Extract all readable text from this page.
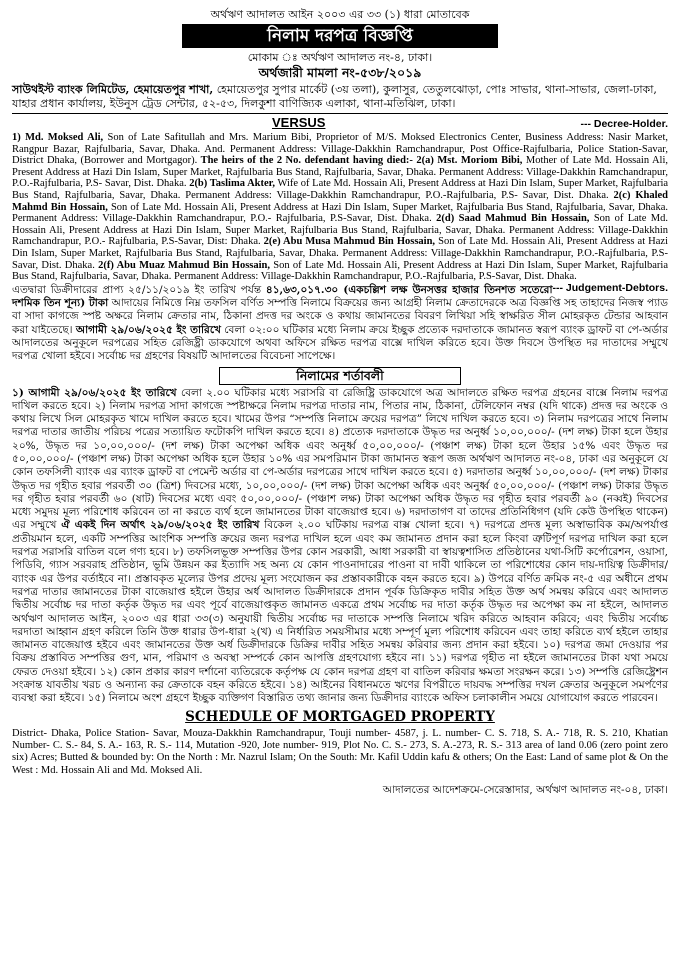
অর্থঋণ আদালত আইন ২০০৩ এর ৩৩ (১) ধারা মোতাবেক
নিলাম দরপত্র বিজ্ঞপ্তি
মোকাম ঃ অর্থঋণ আদালত নং-৪, ঢাকা।
অর্থজারী মামলা নং-৫৩৮/২০১৯
সাউথইস্ট ব্যাংক লিমিটেড, হেমায়েতপুর শাখা, হেমায়েতপুর সুপার মার্কেট (৩য় তলা), কুলাসুর, তেতুলঝোড়া, পোঃ সাভার, থানা-সাভার, জেলা-ঢাকা, যাহার প্রধান কার্যালয়, ইউনুস ট্রেড সেন্টার, ৫২-৫৩, দিলকুশা বাণিজ্যিক এলাকা, থানা-মতিঝিল, ঢাকা।
VERSUS	--- Decree-Holder.
1) Md. Moksed Ali, Son of Late Safitullah and Mrs. Marium Bibi, Proprietor of M/S. Moksed Electronics Center, Business Address: Nasir Market, Rangpur Bazar, Rajfulbaria, Savar, Dhaka. And. Permanent Address: Village-Dakkhin Ramchandrapur, Post Office-Rajfulbaria, Police Station-Savar, District Dhaka, (Borrower and Mortgagor). The heirs of the 2 No. defendant having died:- 2(a) Mst. Moriom Bibi, Mother of Late Md. Hossain Ali, Present Address at Hazi Din Islam, Super Market, Rajfulbaria Bus Stand, Rajfulbaria, Savar, Dhaka. Permanent Address: Village-Dakkhin Ramchandrapur, P.O.-Rajfulbaria, P.S- Savar, Dist. Dhaka. 2(b) Taslima Akter, Wife of Late Md. Hossain Ali, Present Address at Hazi Din Islam, Super Market, Rajfulbaria Bus Stand, Rajfulbaria, Savar, Dhaka. Permanent Address: Village-Dakkhin Ramchandrapur, P.O.-Rajfulbaria, P.S- Savar, Dist. Dhaka. 2(c) Khaled Mahmd Bin Hossain, Son of Late Md. Hossain Ali, Present Address at Hazi Din Islam, Super Market, Rajfulbaria Bus Stand, Rajfulbaria, Savar, Dhaka. Permanent Address: Village-Dakkhin Ramchandrapur, P.O.- Rajfulbaria, P.S-Savar, Dist. Dhaka. 2(d) Saad Mahmud Bin Hossain, Son of Late Md. Hossain Ali, Present Address at Hazi Din Islam, Super Market, Rajfulbaria Bus Stand, Rajfulbaria, Savar, Dhaka. Permanent Address: Village-Dakkhin Ramchandrapur, P.O.- Rajfulbaria, P.S-Savar, Dist: Dhaka. 2(e) Abu Musa Mahmud Bin Hossain, Son of Late Md. Hossain Ali, Present Address at Hazi Din Islam, Super Market, Rajfulbaria Bus Stand, Rajfulbaria, Savar, Dhaka. Permanent Address: Village-Dakkhin Ramchandrapur, P.O.-Rajfulbaria, P.S-Savar, Dist. Dhaka. 2(f) Abu Muaz Mahmud Bin Hossain, Son of Late Md. Hossain Ali, Present Address at Hazi Din Islam, Super Market, Rajfulbaria Bus Stand, Rajfulbaria, Savar, Dhaka. Permanent Address: Village-Dakkhin Ramchandrapur, P.O.-Rajfulbaria, P.S-Savar, Dist. Dhaka.
--- Judgement-Debtors.
এতদ্বারা ডিক্রীদারের প্রাপ্য ২৫/১১/২০১৯ ইং তারিখ পর্যন্ত ৪১,৬৩,০১৭.৩০ (একচল্লিশ লক্ষ উনসত্তর হাজার তিনশত সতেরো দশমিক তিন শূন্য) টাকা আদায়ের নিমিত্তে নিম্ন তফসিল বর্ণিত সম্পত্তি নিলামে বিক্রয়ের জন্য আগ্রহী নিলাম ক্রেতাদেরকে অত্র বিজ্ঞপ্তি সহ তাহাদের নিজস্ব প্যাড বা সাদা কাগজে স্পষ্ট অক্ষরে নিলাম ক্রেতার নাম, ঠিকানা প্রদত্ত দর অংকে ও কথায় জামানতের বিবরণ লিখিয়া সহি স্বাক্ষরিত সীল মোহরকৃত টেন্ডার আহবান করা যাইতেছে। আগামী ২৯/০৬/২০২৫ ইং তারিখে বেলা ০২:০০ ঘটিকার মধ্যে নিলাম ক্রয়ে ইচ্ছুক প্রত্যেক দরদাতাকে জামানত স্বরূপ ব্যাংক ড্রাফট বা পে-অর্ডার আদালতের অনুকূলে দরপত্রের সহিত রেজিষ্ট্রী ডাকযোগে অথবা অফিসে রক্ষিত দরপত্র বাক্সে দাখিল করিতে হবে। উক্ত দিবসে উপস্থিত দর দাতাদের সম্মুখে দরপত্র খোলা হইবে। সর্বোচ্চ দর গ্রহণের বিষয়টি আদালতের বিবেচনা সাপেক্ষে।
নিলামের শর্তাবলী
১) আগামী ২৯/০৬/২০২৫ ইং তারিখে বেলা ২.০০ ঘটিকার মধ্যে সরাসরি বা রেজিষ্ট্রি ডাকযোগে অত্র আদালতে রক্ষিত দরপত্র গ্রহনের বাক্সে নিলাম দরপত্র দাখিল করতে হবে। ২) নিলাম দরপত্র সাদা কাগজে স্পষ্টাক্ষরে নিলাম দরপত্র দাতার নাম, পিতার নাম, ঠিকানা, টেলিফোন নম্বর (যদি থাকে) প্রদত্ত দর অংকে ও কথায় লিখে সিল মোহরকৃত খামে দাখিল করতে হবে। খামের উপর “সম্পত্তি নিলামে ক্রয়ের দরপত্র” লিখে দাখিল করতে হবে। ৩) নিলাম দরপত্রের সাথে নিলাম দরপত্র দাতার জাতীয় পরিচয় পত্রের সত্যায়িত ফটোকপি দাখিল করতে হবে। ৪) প্রত্যেক দরদাতাকে উদ্ধৃত দর অনুর্ধ্ব ১০,০০,০০০/- (দশ লক্ষ) টাকা হলে উহার ২০%, উদ্ধৃত দর ১০,০০,০০০/- (দশ লক্ষ) টাকা অপেক্ষা অধিক এবং অনুর্ধ্ব ৫০,০০,০০০/- (পঞ্চাশ লক্ষ) টাকা হলে উহার ১৫% এবং উদ্ধৃত দর ৫০,০০,০০০/- (পঞ্চাশ লক্ষ) টাকা অপেক্ষা অধিক হলে উহার ১০% এর সমপরিমান টাকা জামানত স্বরূপ জজ অর্থঋণ আদালত নং-০৪, ঢাকা এর অনুকূলে যে কোন তফসিলী ব্যাংক এর ব্যাংক ড্রাফট বা পেমেন্ট অর্ডার বা পে-অর্ডার দরপত্রের সাথে দাখিল করতে হবে। ৫) দরদাতার অনুর্ধ্ব ১০,০০,০০০/- (দশ লক্ষ) টাকার উদ্ধৃত দর গৃহীত হবার পরবর্তী ৩০ (ত্রিশ) দিবসের মধ্যে, ১০,০০,০০০/- (দশ লক্ষ) টাকা অপেক্ষা অধিক এবং অনুর্ধ্ব ৫০,০০,০০০/- (পঞ্চাশ লক্ষ) টাকার উদ্ধৃত দর গৃহীত হবার পরবর্তী ৬০ (ষাট) দিবসের মধ্যে এবং ৫০,০০,০০০/- (পঞ্চাশ লক্ষ) টাকা অপেক্ষা অধিক উদ্ধৃত দর গৃহীত হবার পরবর্তী ৯০ (নব্বই) দিবসের মধ্যে সমুদয় মূল্য পরিশোধ করিবেন তা না করতে ব্যর্থ হলে জামানতের টাকা বাজেয়াপ্ত হবে। ৬) দরদাতাগণ বা তাদের প্রতিনিধিগণ (যদি কেউ উপস্থিত থাকেন) এর সম্মুখে ঐ একই দিন অর্থাৎ ২৯/০৬/২০২৫ ইং তারিখ বিকেল ২.০০ ঘটিকায় দরপত্র বাক্স খোলা হবে। ৭) দরপত্রে প্রদত্ত মূল্য অস্বাভাবিক কম/অপর্যাপ্ত প্রতীয়মান হলে, একটি সম্পত্তির আংশিক সম্পত্তি ক্রয়ের জন্য দরপত্র দাখিল হলে এবং কম জামানত প্রদান করা হলে কিংবা ত্রুটিপূর্ণ দরপত্র দাখিল করা হলে দরপত্র সরাসরি বাতিল বলে গণ্য হবে। ৮) তফসিলভূক্ত সম্পত্তির উপর কোন সরকারী, আধা সরকারী বা স্বায়ত্বশাসিত প্রতিষ্ঠানের যথা-সিটি কর্পোরেশন, ওয়াসা, পিডিবি, গ্যাস সরবরাহ প্রতিষ্ঠান, ভূমি উন্নয়ন কর ইত্যাদি সহ অন্য যে কোন পাওনাদারের পাওনা বা দাবী থাকিলে তা পরিশোধের কোন দায়-দায়িত্ব ডিক্রীদার/ব্যাংক এর উপর বর্তাইবে না। প্রস্তাবকৃত মূল্যের উপর প্রদেয় মূল্য সংযোজন কর প্রস্তাবকারীকে বহন করতে হবে। ৯) উপরে বর্ণিত ক্রমিক নং-৫ এর অধীনে প্রথম দরপত্র দাতার জামানতের টাকা বাজেয়াপ্ত হইলে উহার অর্ধ আদালত ডিক্রীদারকে প্রদান পূর্বক ডিক্রিকৃত দাবীর সহিত উক্ত অর্থ সমন্বয় করিবে এবং আদালত দ্বিতীয় সর্বোচ্চ দর দাতা কর্তৃক উদ্ধৃত দর এবং পূর্বে বাজেয়াপ্তকৃত জামানত একত্রে প্রথম সর্বোচ্চ দর দাতা কর্তৃক উদ্ধৃত দর অপেক্ষা কম না হইলে, আদালত অর্থঋণ আদালত আইন, ২০০৩ এর ধারা ৩৩(৩) অনুযায়ী দ্বিতীয় সর্বোচ্চ দর দাতাকে সম্পত্তি নিলামে খরিদ করিতে আহবান করিবে; এবং দ্বিতীয় সর্বোচ্চ দরদাতা আহ্বান গ্রহণ করিলে তিনি উক্ত ধারার উপ-ধারা ২(খ) এ নির্ধারিত সময়সীমার মধ্যে সম্পূর্ণ মূল্য পরিশোধ করিবেন এবং তাহা করিতে ব্যর্থ হইলে তাহার জামানত বাজেয়াপ্ত হইবে এবং জামানতের উক্ত অর্ধ ডিক্রীদারকে ডিক্রির দাবীর সহিত সমন্বয় করিবার জন্য প্রদান করা হইবে। ১০) দরপত্র জমা দেওয়ার পর বিক্রয় প্রস্তাবিত সম্পত্তির গুণ, মান, পরিমাণ ও অবস্থা সম্পর্কে কোন আপত্তি গ্রহণযোগ্য হইবে না। ১১) দরপত্র গৃহীত না হইলে জামানতের টাকা যথা সময়ে ফেরত দেওয়া হইবে। ১২) কোন প্রকার কারণ দর্শানো ব্যতিরেকে কর্তৃপক্ষ যে কোন দরপত্র গ্রহণ বা বাতিল করিবার ক্ষমতা সংরক্ষন করে। ১৩) সম্পত্তি রেজিষ্ট্রেশন সংক্রান্ত যাবতীয় খরচ ও অন্যান্য কর ক্রেতাকে বহন করিতে হইবে। ১৪) আইনের বিধানমতে ঋণের বিপরীতে দায়বদ্ধ সম্পত্তির দখল ক্রেতার অনুকূলে সমর্পণের ব্যবস্থা করা হইবে। ১৫) নিলামে অংশ গ্রহণে ইচ্ছুক ব্যক্তিগণ বিস্তারিত তথ্য জানার জন্য ডিক্রীদার ব্যাংকে অফিস চলাকালীন সময়ে যোগাযোগ করতে পারবেন।
SCHEDULE OF MORTGAGED PROPERTY
District- Dhaka, Police Station- Savar, Mouza-Dakkhin Ramchandrapur, Touji number- 4587, j. L. number- C. S. 718, S. A.- 718, R. S. 210, Khatian Number- C. S.- 84, S. A.- 163, R. S.- 114, Mutation -920, Jote number- 919, Plot No. C. S.- 273, S. A.-273, R. S.- 313 area of land 0.06 (zero point zero six) Acres; Butted & bounded by: On the North : Mr. Nazrul Islam; On the South: Mr. Kafil Uddin kafu & others; On the East: Land of same plot & On the West : Md. Hossain Ali and Md. Moksed Ali.
আদালতের আদেশক্রমে-সেরেস্তাদার, অর্থঋণ আদালত নং-০৪, ঢাকা।
